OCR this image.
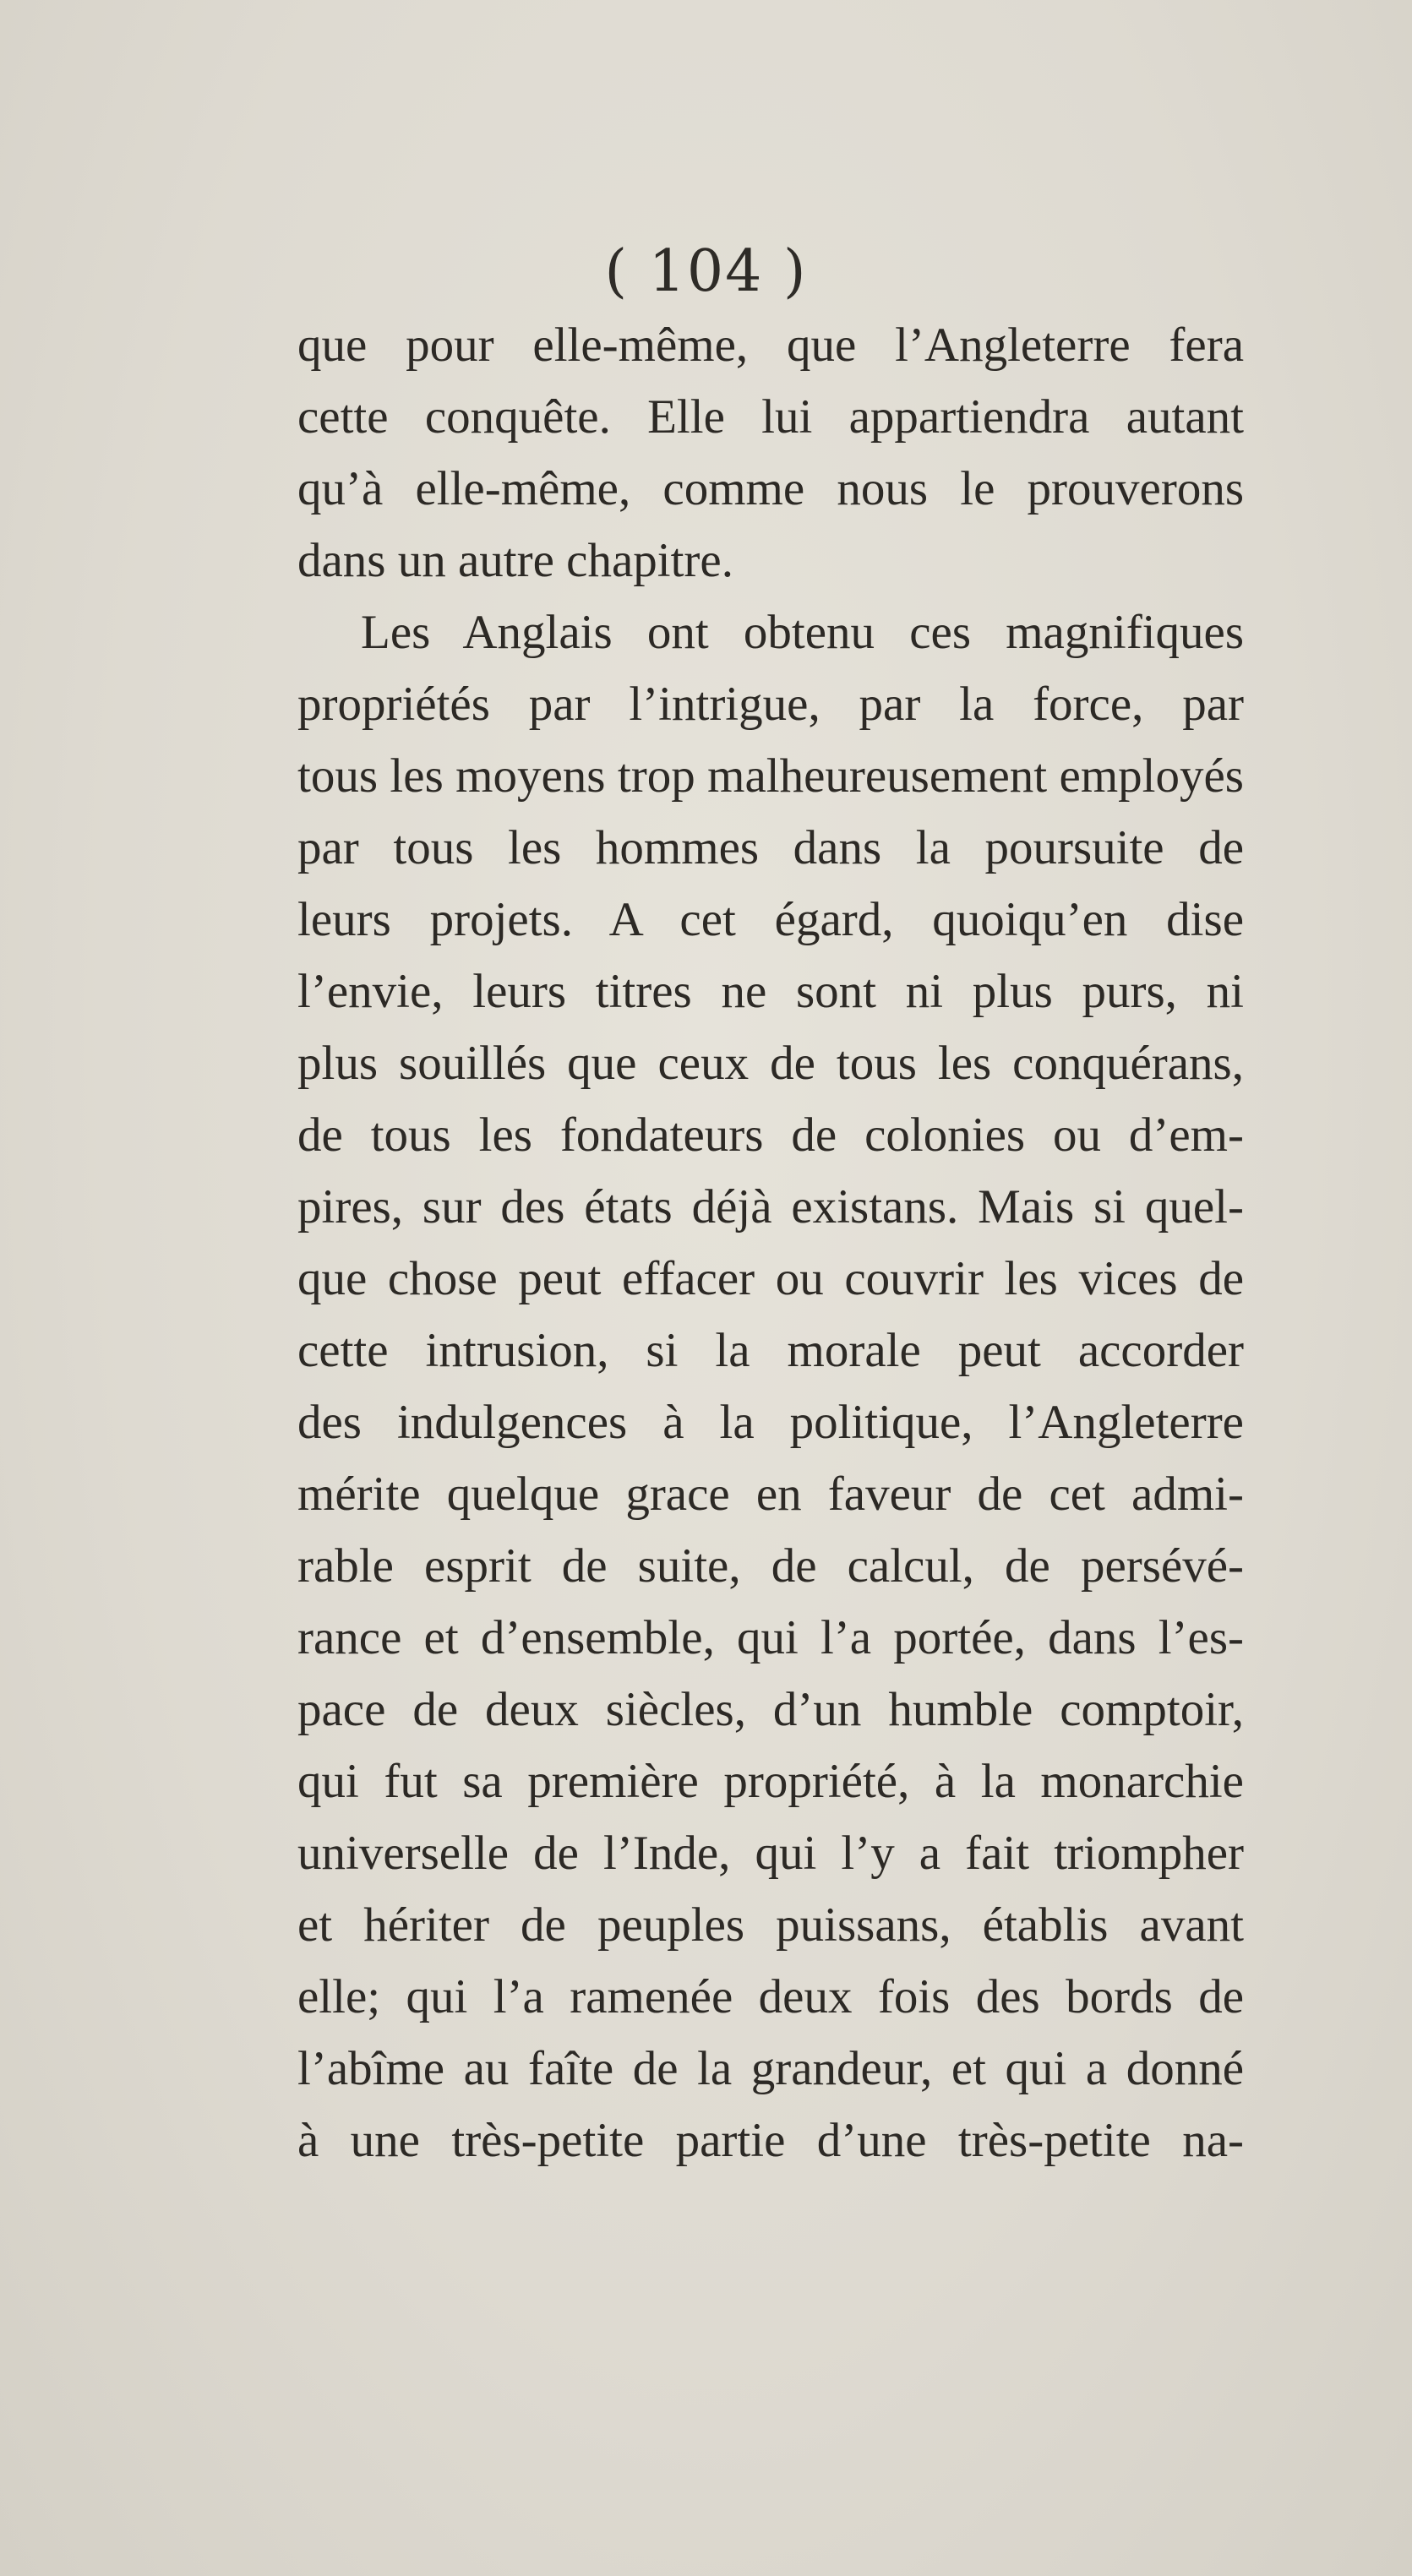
( 104 )
que pour elle-même, que l’Angleterre fera
cette conquête. Elle lui appartiendra autant
qu’à elle-même, comme nous le prouverons
dans un autre chapitre.
Les Anglais ont obtenu ces magnifiques
propriétés par l’intrigue, par la force, par
tous les moyens trop malheureusement employés
par tous les hommes dans la poursuite de
leurs projets. A cet égard, quoiqu’en dise
l’envie, leurs titres ne sont ni plus purs, ni
plus souillés que ceux de tous les conquérans,
de tous les fondateurs de colonies ou d’em-
pires, sur des états déjà existans. Mais si quel-
que chose peut effacer ou couvrir les vices de
cette intrusion, si la morale peut accorder
des indulgences à la politique, l’Angleterre
mérite quelque grace en faveur de cet admi-
rable esprit de suite, de calcul, de persévé-
rance et d’ensemble, qui l’a portée, dans l’es-
pace de deux siècles, d’un humble comptoir,
qui fut sa première propriété, à la monarchie
universelle de l’Inde, qui l’y a fait triompher
et hériter de peuples puissans, établis avant
elle; qui l’a ramenée deux fois des bords de
l’abîme au faîte de la grandeur, et qui a donné
à une très-petite partie d’une très-petite na-
